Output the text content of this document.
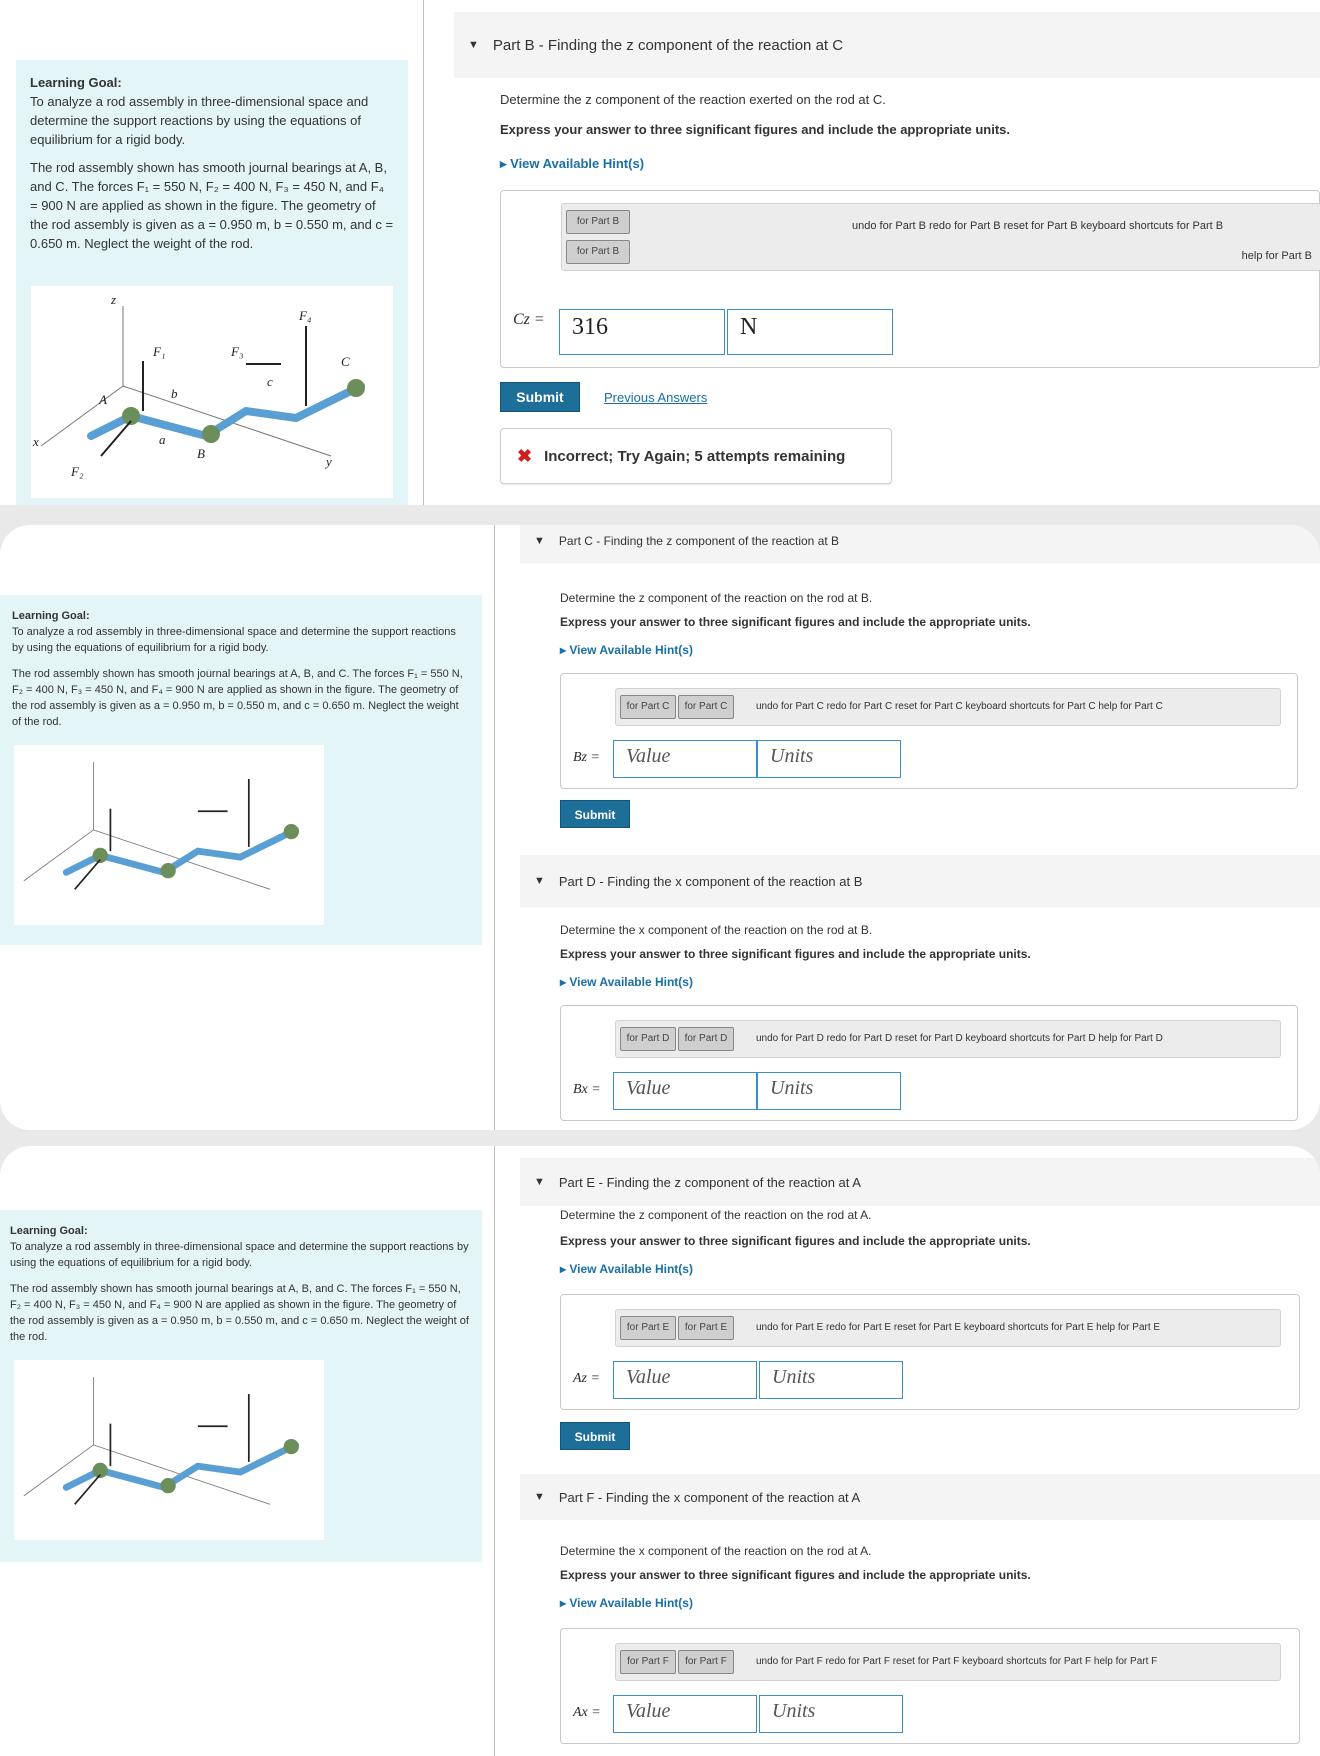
Learning Goal:
To analyze a rod assembly in three-dimensional space and determine the support reactions by using the equations of equilibrium for a rigid body.

The rod assembly shown has smooth journal bearings at A, B, and C. The forces F₁ = 550 N, F₂ = 400 N, F₃ = 450 N, and F₄ = 900 N are applied as shown in the figure. The geometry of the rod assembly is given as a = 0.950 m, b = 0.550 m, and c = 0.650 m. Neglect the weight of the rod.

z
x
y
A
B
C
F₁
F₂
F₃
F₄
a
b
c
▼ Part B - Finding the z component of the reaction at C
Determine the z component of the reaction exerted on the rod at C.
Express your answer to three significant figures and include the appropriate units.
▸ View Available Hint(s)
for Part B
for Part B
undo for Part B redo for Part B reset for Part B keyboard shortcuts for Part B
help for Part B
Cz =	316	N
Submit	Previous Answers
✖ Incorrect; Try Again; 5 attempts remaining

Learning Goal:
To analyze a rod assembly in three-dimensional space and determine the support reactions by using the equations of equilibrium for a rigid body.

The rod assembly shown has smooth journal bearings at A, B, and C. The forces F₁ = 550 N, F₂ = 400 N, F₃ = 450 N, and F₄ = 900 N are applied as shown in the figure. The geometry of the rod assembly is given as a = 0.950 m, b = 0.550 m, and c = 0.650 m. Neglect the weight of the rod.

▼ Part C - Finding the z component of the reaction at B
Determine the z component of the reaction on the rod at B.
Express your answer to three significant figures and include the appropriate units.
▸ View Available Hint(s)
for Part C	for Part C	undo for Part C redo for Part C reset for Part C keyboard shortcuts for Part C help for Part C
Bz =	Value	Units
Submit
▼ Part D - Finding the x component of the reaction at B
Determine the x component of the reaction on the rod at B.
Express your answer to three significant figures and include the appropriate units.
▸ View Available Hint(s)
for Part D	for Part D	undo for Part D redo for Part D reset for Part D keyboard shortcuts for Part D help for Part D
Bx =	Value	Units

Learning Goal:
To analyze a rod assembly in three-dimensional space and determine the support reactions by using the equations of equilibrium for a rigid body.

The rod assembly shown has smooth journal bearings at A, B, and C. The forces F₁ = 550 N, F₂ = 400 N, F₃ = 450 N, and F₄ = 900 N are applied as shown in the figure. The geometry of the rod assembly is given as a = 0.950 m, b = 0.550 m, and c = 0.650 m. Neglect the weight of the rod.

▼ Part E - Finding the z component of the reaction at A
Determine the z component of the reaction on the rod at A.
Express your answer to three significant figures and include the appropriate units.
▸ View Available Hint(s)
for Part E	for Part E	undo for Part E redo for Part E reset for Part E keyboard shortcuts for Part E help for Part E
Az =	Value	Units
Submit
▼ Part F - Finding the x component of the reaction at A
Determine the x component of the reaction on the rod at A.
Express your answer to three significant figures and include the appropriate units.
▸ View Available Hint(s)
for Part F	for Part F	undo for Part F redo for Part F reset for Part F keyboard shortcuts for Part F help for Part F
Ax =	Value	Units
